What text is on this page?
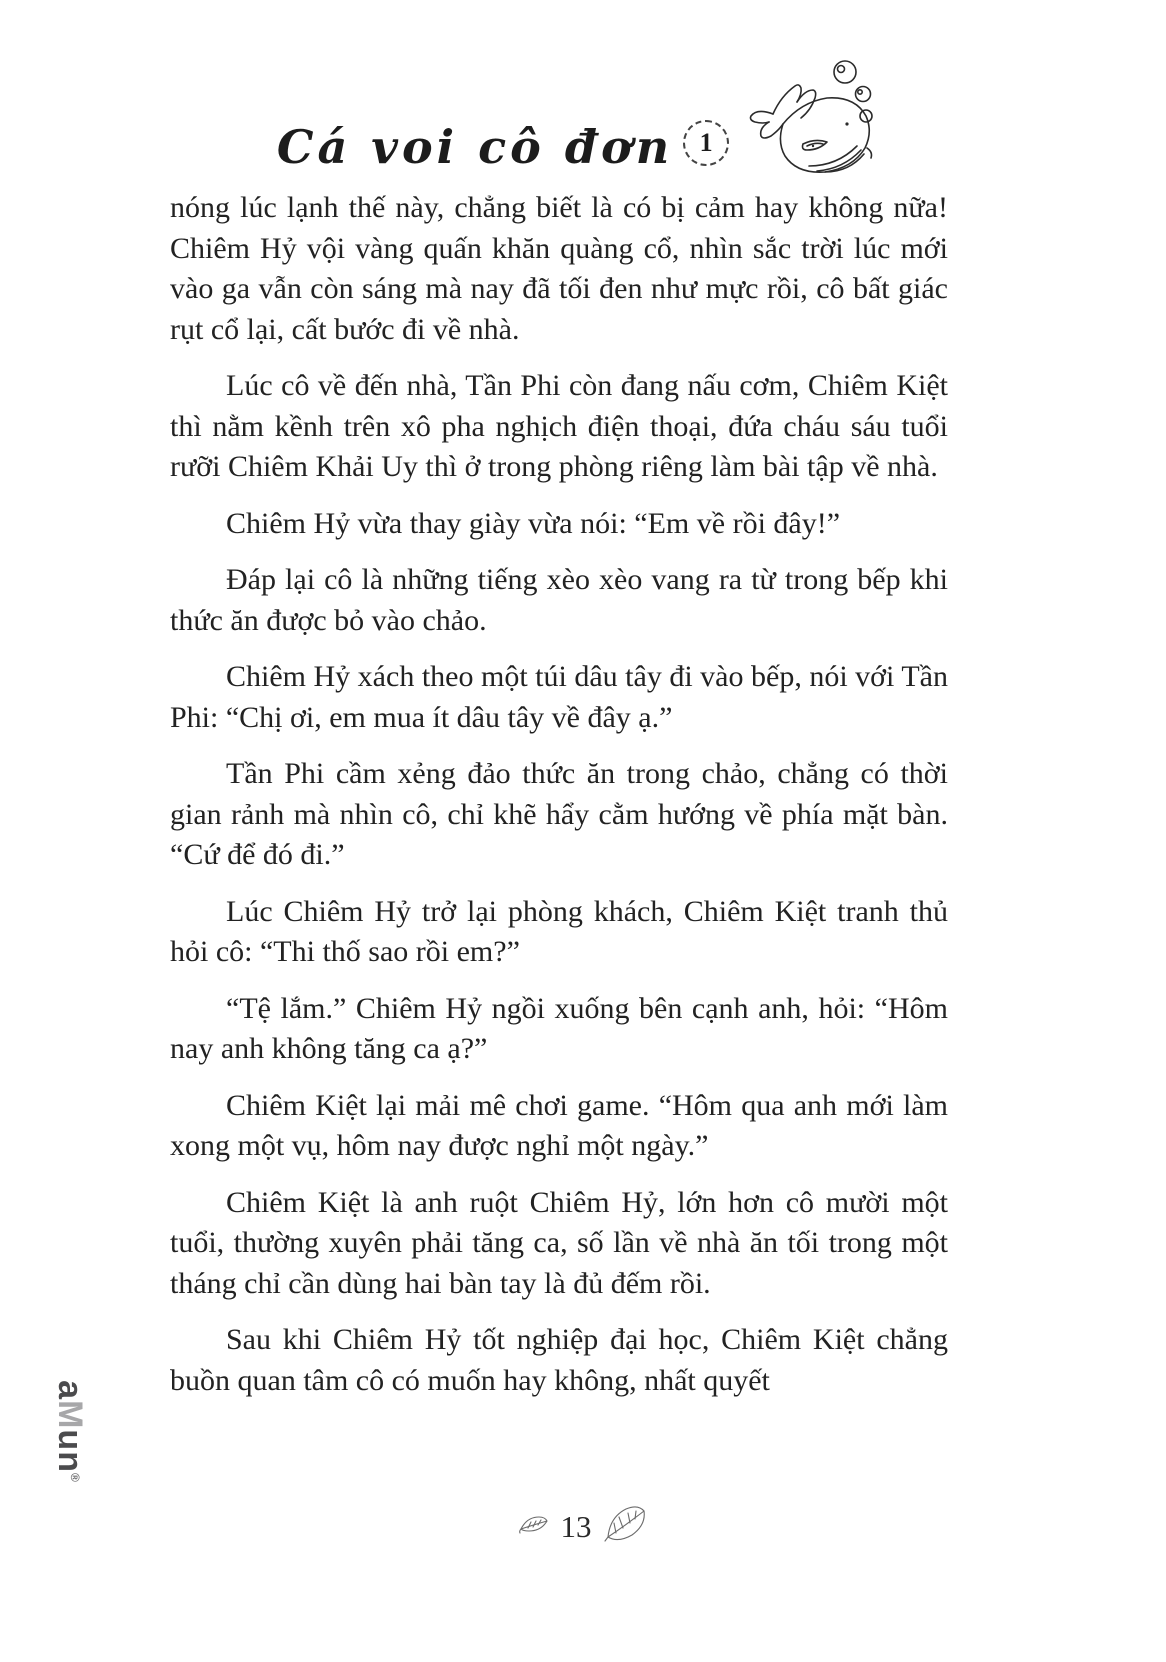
Cá voi cô đơn 1

nóng lúc lạnh thế này, chẳng biết là có bị cảm hay không nữa! Chiêm Hỷ vội vàng quấn khăn quàng cổ, nhìn sắc trời lúc mới vào ga vẫn còn sáng mà nay đã tối đen như mực rồi, cô bất giác rụt cổ lại, cất bước đi về nhà.

Lúc cô về đến nhà, Tần Phi còn đang nấu cơm, Chiêm Kiệt thì nằm kềnh trên xô pha nghịch điện thoại, đứa cháu sáu tuổi rưỡi Chiêm Khải Uy thì ở trong phòng riêng làm bài tập về nhà.

Chiêm Hỷ vừa thay giày vừa nói: “Em về rồi đây!”

Đáp lại cô là những tiếng xèo xèo vang ra từ trong bếp khi thức ăn được bỏ vào chảo.

Chiêm Hỷ xách theo một túi dâu tây đi vào bếp, nói với Tần Phi: “Chị ơi, em mua ít dâu tây về đây ạ.”

Tần Phi cầm xẻng đảo thức ăn trong chảo, chẳng có thời gian rảnh mà nhìn cô, chỉ khẽ hẩy cằm hướng về phía mặt bàn. “Cứ để đó đi.”

Lúc Chiêm Hỷ trở lại phòng khách, Chiêm Kiệt tranh thủ hỏi cô: “Thi thố sao rồi em?”

“Tệ lắm.” Chiêm Hỷ ngồi xuống bên cạnh anh, hỏi: “Hôm nay anh không tăng ca ạ?”

Chiêm Kiệt lại mải mê chơi game. “Hôm qua anh mới làm xong một vụ, hôm nay được nghỉ một ngày.”

Chiêm Kiệt là anh ruột Chiêm Hỷ, lớn hơn cô mười một tuổi, thường xuyên phải tăng ca, số lần về nhà ăn tối trong một tháng chỉ cần dùng hai bàn tay là đủ đếm rồi.

Sau khi Chiêm Hỷ tốt nghiệp đại học, Chiêm Kiệt chẳng buồn quan tâm cô có muốn hay không, nhất quyết

13
aMun®
